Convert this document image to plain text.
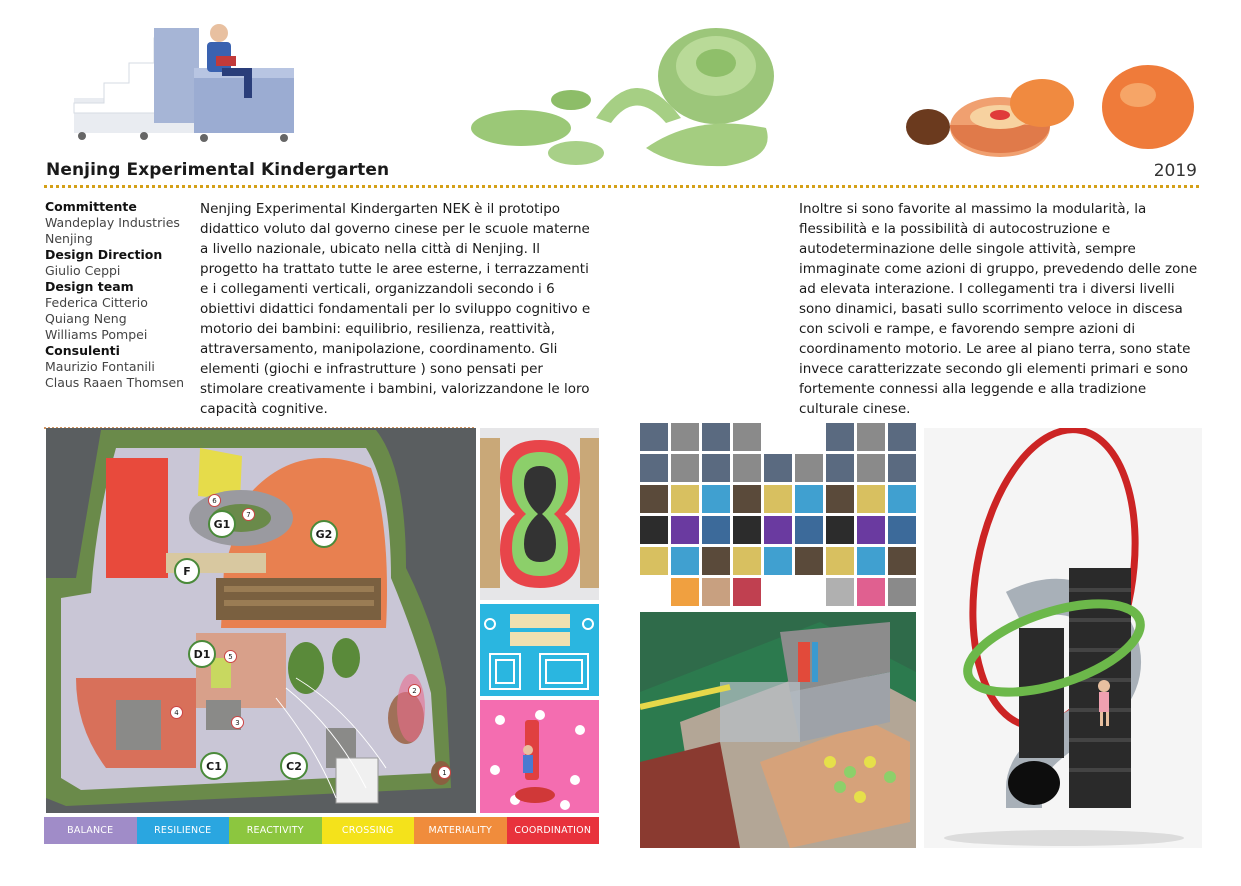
Nenjing Experimental Kindergarten	2019
Committente
Wandeplay Industries
Nenjing
Design Direction
Giulio Ceppi
Design team
Federica Citterio
Quiang Neng
Williams Pompei
Consulenti
Maurizio Fontanili
Claus Raaen Thomsen
Nenjing Experimental Kindergarten NEK è il prototipo didattico voluto dal governo cinese per le scuole materne a livello nazionale, ubicato nella città di Nenjing. Il progetto ha trattato tutte le aree esterne, i terrazzamenti e i collegamenti verticali, organizzandoli secondo i 6 obiettivi didattici fondamentali per lo sviluppo cognitivo e motorio dei bambini: equilibrio, resilienza, reattività, attraversamento, manipolazione, coordinamento. Gli elementi (giochi e infrastrutture ) sono pensati per stimolare creativamente i bambini, valorizzandone le loro capacità cognitive.
Inoltre si sono favorite al massimo la modularità, la flessibilità e la possibilità di autocostruzione e autodeterminazione delle singole attività, sempre immaginate come azioni di gruppo, prevedendo delle zone ad elevata interazione. I collegamenti tra i diversi livelli sono dinamici, basati sullo scorrimento veloce in discesa con scivoli e rampe, e favorendo sempre azioni di coordinamento motorio. Le aree al piano terra, sono state invece caratterizzate secondo gli elementi primari e sono fortemente connessi alla leggende e alla tradizione culturale cinese.
G1
G2
F
D1
C1	C2	1
2
3
4
5
6
7
BALANCE	RESILIENCE	REACTIVITY	CROSSING	MATERIALITY	COORDINATION
